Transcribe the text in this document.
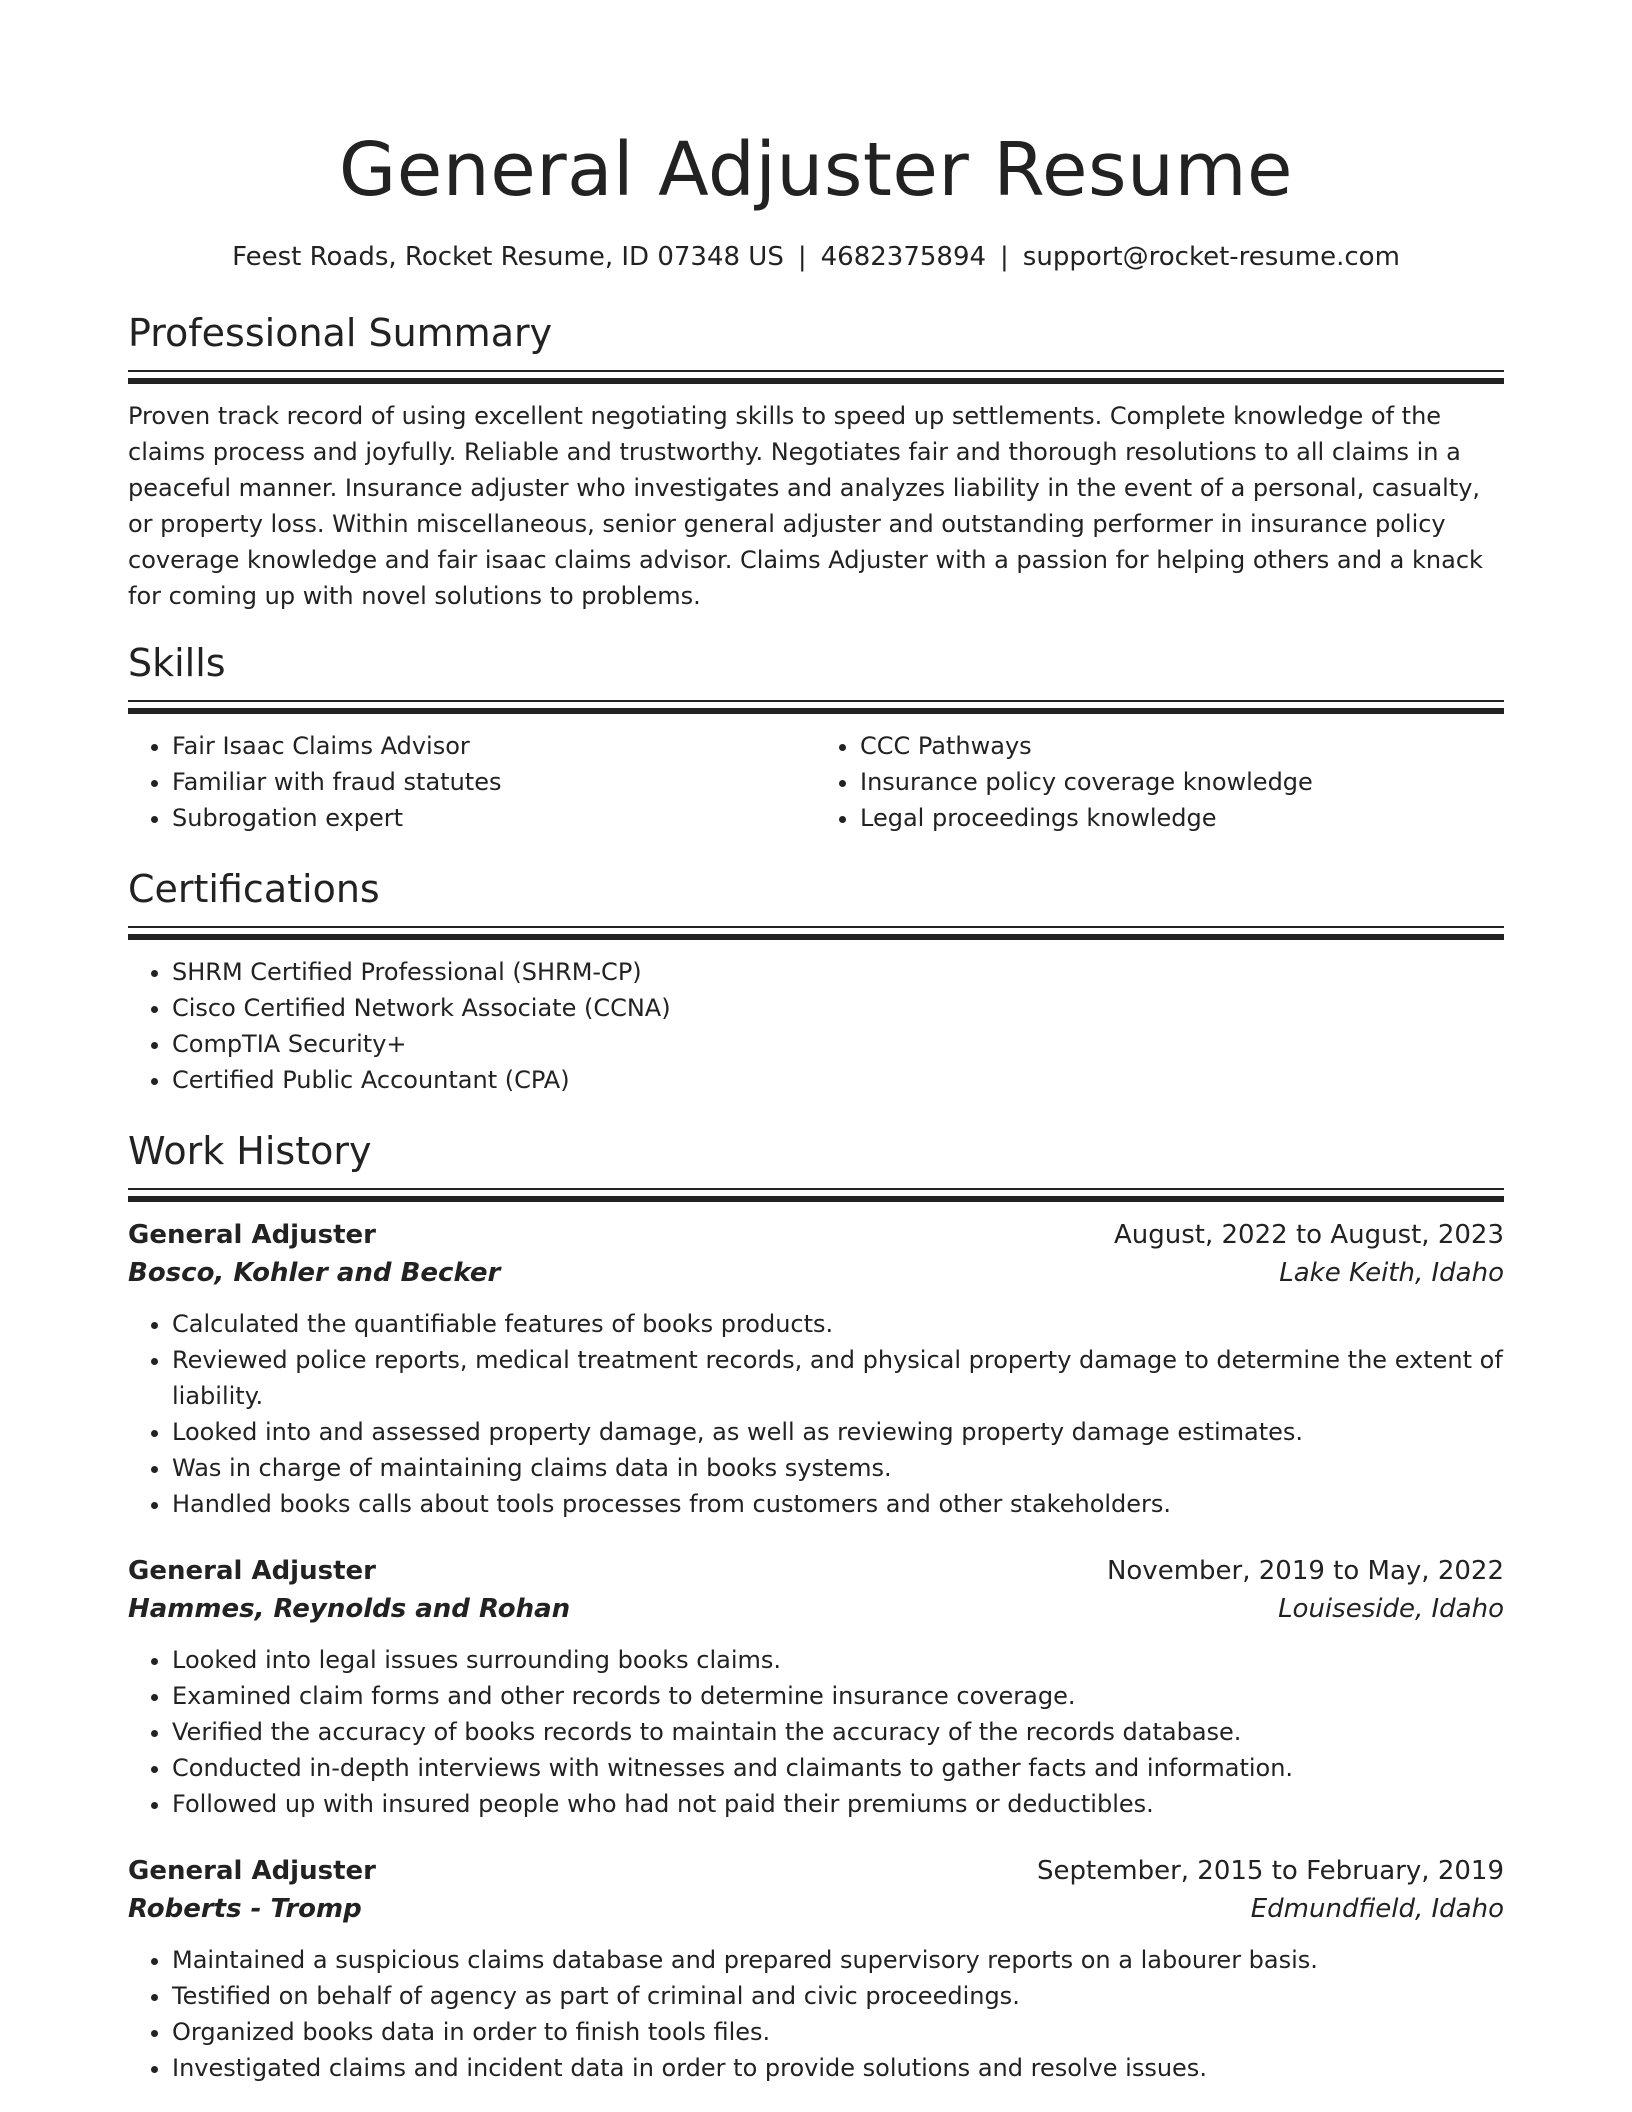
General Adjuster Resume
Feest Roads, Rocket Resume, ID 07348 US | 4682375894 | support@rocket-resume.com
Professional Summary

Proven track record of using excellent negotiating skills to speed up settlements. Complete knowledge of the claims process and joyfully. Reliable and trustworthy. Negotiates fair and thorough resolutions to all claims in a peaceful manner. Insurance adjuster who investigates and analyzes liability in the event of a personal, casualty, or property loss. Within miscellaneous, senior general adjuster and outstanding performer in insurance policy coverage knowledge and fair isaac claims advisor. Claims Adjuster with a passion for helping others and a knack for coming up with novel solutions to problems.

Skills
• Fair Isaac Claims Advisor
• Familiar with fraud statutes
• Subrogation expert
• CCC Pathways
• Insurance policy coverage knowledge
• Legal proceedings knowledge
Certifications
• SHRM Certified Professional (SHRM-CP)
• Cisco Certified Network Associate (CCNA)
• CompTIA Security+
• Certified Public Accountant (CPA)
Work History
General Adjuster	August, 2022 to August, 2023
Bosco, Kohler and Becker	Lake Keith, Idaho
• Calculated the quantifiable features of books products.
• Reviewed police reports, medical treatment records, and physical property damage to determine the extent of liability.
• Looked into and assessed property damage, as well as reviewing property damage estimates.
• Was in charge of maintaining claims data in books systems.
• Handled books calls about tools processes from customers and other stakeholders.
General Adjuster	November, 2019 to May, 2022
Hammes, Reynolds and Rohan	Louiseside, Idaho
• Looked into legal issues surrounding books claims.
• Examined claim forms and other records to determine insurance coverage.
• Verified the accuracy of books records to maintain the accuracy of the records database.
• Conducted in-depth interviews with witnesses and claimants to gather facts and information.
• Followed up with insured people who had not paid their premiums or deductibles.
General Adjuster	September, 2015 to February, 2019
Roberts - Tromp	Edmundfield, Idaho
• Maintained a suspicious claims database and prepared supervisory reports on a labourer basis.
• Testified on behalf of agency as part of criminal and civic proceedings.
• Organized books data in order to finish tools files.
• Investigated claims and incident data in order to provide solutions and resolve issues.
